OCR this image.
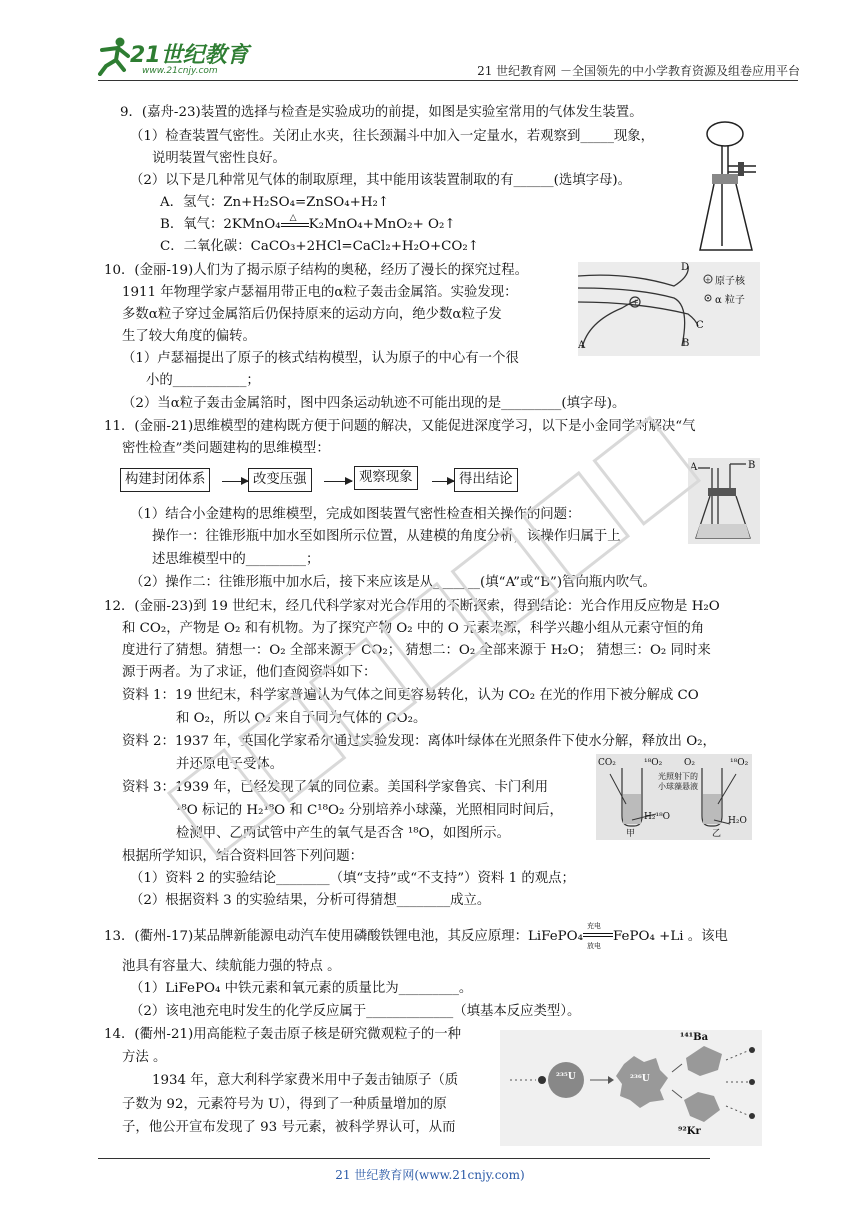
21世纪教育
www.21cnjy.com	21 世纪教育网 －全国领先的中小学教育资源及组卷应用平台
9．(嘉舟-23)装置的选择与检查是实验成功的前提，如图是实验室常用的气体发生装置。
（1）检查装置气密性。关闭止水夹，往长颈漏斗中加入一定量水，若观察到_____现象，
说明装置气密性良好。
（2）以下是几种常见气体的制取原理，其中能用该装置制取的有______(选填字母)。
A．氢气：Zn+H₂SO₄=ZnSO₄+H₂↑
B．氧气：2KMnO₄ △ K₂MnO₄+MnO₂+ O₂↑
C．二氧化碳：CaCO₃+2HCl=CaCl₂+H₂O+CO₂↑
10．(金丽-19)人们为了揭示原子结构的奥秘，经历了漫长的探究过程。
1911 年物理学家卢瑟福用带正电的α粒子轰击金属箔。实验发现：
多数α粒子穿过金属箔后仍保持原来的运动方向，绝少数α粒子发
生了较大角度的偏转。
（1）卢瑟福提出了原子的核式结构模型，认为原子的中心有一个很
小的___________；
（2）当α粒子轰击金属箔时，图中四条运动轨迹不可能出现的是_________(填字母)。
+
+
D
B
C
A
原子核
α 粒子
11．(金丽-21)思维模型的建构既方便于问题的解决，又能促进深度学习，以下是小金同学对解决“气
密性检查”类问题建构的思维模型：
构建封闭体系	改变压强	观察现象	得出结论
（1）结合小金建构的思维模型，完成如图装置气密性检查相关操作的问题：
操作一：往锥形瓶中加水至如图所示位置，从建模的角度分析，该操作归属于上
述思维模型中的_________；
（2）操作二：往锥形瓶中加水后，接下来应该是从_______(填“A”或“B”)管向瓶内吹气。
A	B
12．(金丽-23)到 19 世纪末，经几代科学家对光合作用的不断探索，得到结论：光合作用反应物是 H₂O
和 CO₂，产物是 O₂ 和有机物。为了探究产物 O₂ 中的 O 元素来源，科学兴趣小组从元素守恒的角
度进行了猜想。猜想一：O₂ 全部来源于 CO₂； 猜想二：O₂ 全部来源于 H₂O； 猜想三：O₂ 同时来
源于两者。为了求证，他们查阅资料如下：
资料 1：19 世纪末，科学家普遍认为气体之间更容易转化，认为 CO₂ 在光的作用下被分解成 CO
和 O₂，所以 O₂ 来自于同为气体的 CO₂。
资料 2：1937 年，英国化学家希尔通过实验发现：离体叶绿体在光照条件下使水分解，释放出 O₂，
并还原电子受体。
资料 3：1939 年，已经发现了氧的同位素。美国科学家鲁宾、卡门利用
¹⁸O 标记的 H₂¹⁸O 和 C¹⁸O₂ 分别培养小球藻，光照相同时间后，
检测甲、乙两试管中产生的氧气是否含 ¹⁸O，如图所示。
根据所学知识，结合资料回答下列问题：
（1）资料 2 的实验结论________（填“支持”或“不支持”）资料 1 的观点；
（2）根据资料 3 的实验结果，分析可得猜想________成立。
CO₂	¹⁸O₂
光照射下的小球藻悬液
O₂	¹⁸O₂
H₂¹⁸O	H₂O
甲	乙
13．(衢州-17)某品牌新能源电动汽车使用磷酸铁锂电池，其反应原理：LiFePO₄
充电
放电
FePO₄ +Li 。该电
池具有容量大、续航能力强的特点 。
（1）LiFePO₄ 中铁元素和氧元素的质量比为_________。
（2）该电池充电时发生的化学反应属于_____________（填基本反应类型）。
14．(衢州-21)用高能粒子轰击原子核是研究微观粒子的一种
方法 。
1934 年，意大利科学家费米用中子轰击铀原子（质
子数为 92，元素符号为 U），得到了一种质量增加的原
子，他公开宣布发现了 93 号元素，被科学界认可，从而
²³⁵U	²³⁶U
¹⁴¹Ba
⁹²Kr
21 世纪教育网(www.21cnjy.com)
